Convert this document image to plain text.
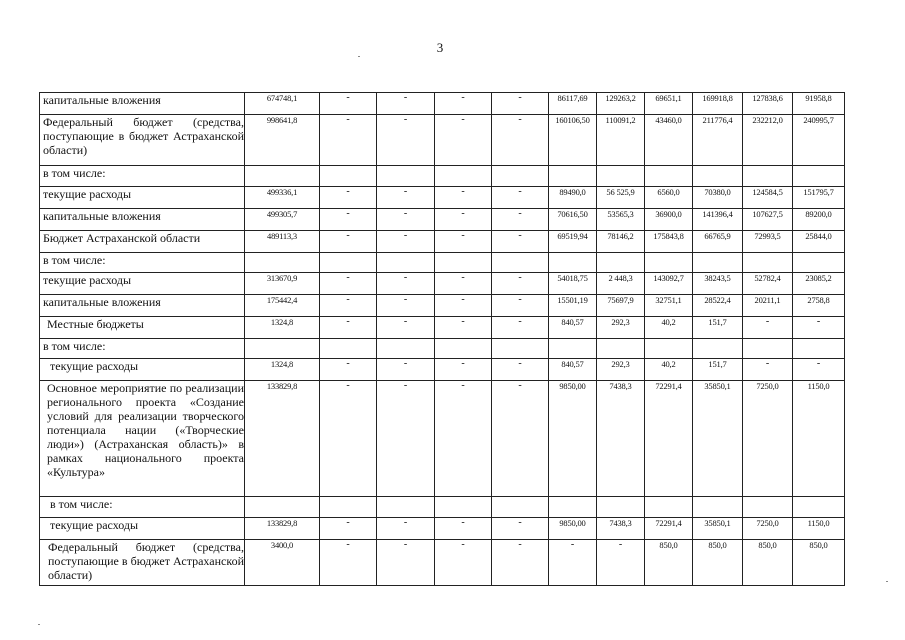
3
капитальные вложения	674748,1	-	-	-	-	86117,69	129263,2	69651,1	169918,8	127838,6	91958,8
Федеральный бюджет (средства, поступающие в бюджет Астраханской области)	998641,8	-	-	-	-	160106,50	110091,2	43460,0	211776,4	232212,0	240995,7
в том числе:											
текущие расходы	499336,1	-	-	-	-	89490,0	56 525,9	6560,0	70380,0	124584,5	151795,7
капитальные вложения	499305,7	-	-	-	-	70616,50	53565,3	36900,0	141396,4	107627,5	89200,0
Бюджет Астраханской области	489113,3	-	-	-	-	69519,94	78146,2	175843,8	66765,9	72993,5	25844,0
в том числе:											
текущие расходы	313670,9	-	-	-	-	54018,75	2 448,3	143092,7	38243,5	52782,4	23085,2
капитальные вложения	175442,4	-	-	-	-	15501,19	75697,9	32751,1	28522,4	20211,1	2758,8
Местные бюджеты	1324,8	-	-	-	-	840,57	292,3	40,2	151,7	-	-
в том числе:											
текущие расходы	1324,8	-	-	-	-	840,57	292,3	40,2	151,7	-	-
Основное мероприятие по реализации регионального проекта «Создание условий для реализации творческого потенциала нации («Творческие люди») (Астраханская область)» в рамках национального проекта «Культура»	133829,8	-	-	-	-	9850,00	7438,3	72291,4	35850,1	7250,0	1150,0
в том числе:											
текущие расходы	133829,8	-	-	-	-	9850,00	7438,3	72291,4	35850,1	7250,0	1150,0
Федеральный бюджет (средства, поступающие в бюджет Астраханской области)	3400,0	-	-	-	-	-	-	850,0	850,0	850,0	850,0
